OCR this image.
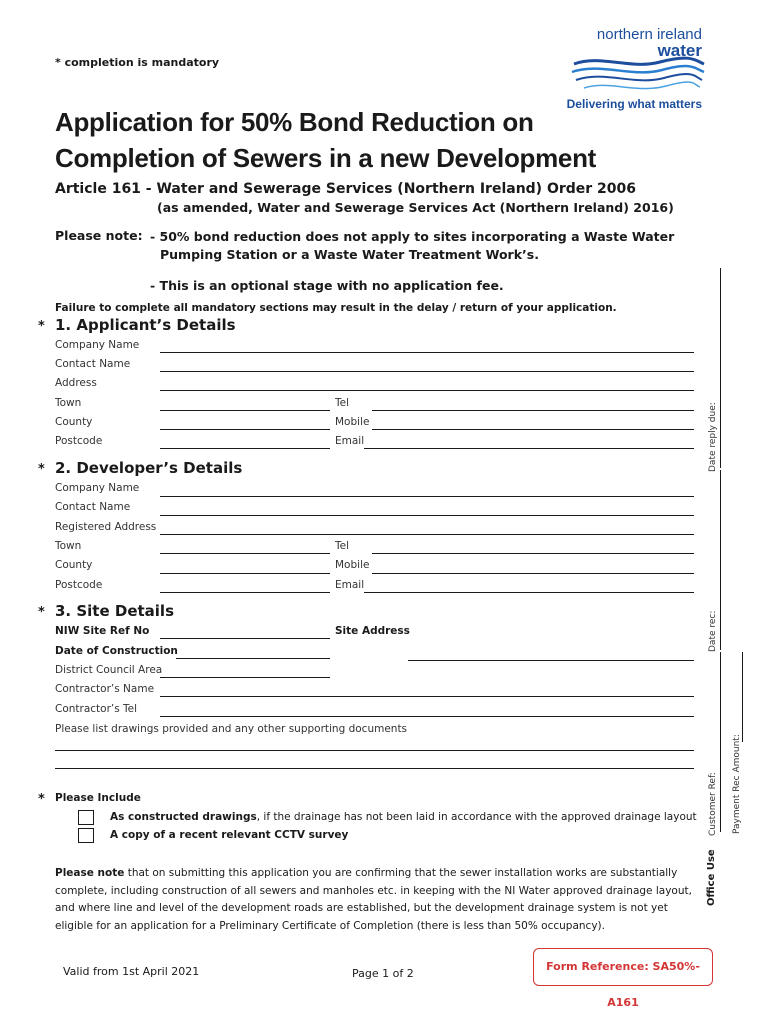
* completion is mandatory
northern ireland
water
Delivering what matters
Application for 50% Bond Reduction on
Completion of Sewers in a new Development
Article 161 - Water and Sewerage Services (Northern Ireland) Order 2006
(as amended, Water and Sewerage Services Act (Northern Ireland) 2016)
Please note: - 50% bond reduction does not apply to sites incorporating a Waste Water
Pumping Station or a Waste Water Treatment Work’s.
- This is an optional stage with no application fee.
Failure to complete all mandatory sections may result in the delay / return of your application.
* 1. Applicant’s Details
Company Name
Contact Name
Address
Town	Tel
County	Mobile
Postcode	Email
* 2. Developer’s Details
Company Name
Contact Name
Registered Address
Town	Tel
County	Mobile
Postcode	Email
* 3. Site Details
NIW Site Ref No	Site Address
Date of Construction
District Council Area
Contractor’s Name
Contractor’s Tel
Please list drawings provided and any other supporting documents
* Please Include
As constructed drawings, if the drainage has not been laid in accordance with the approved drainage layout
A copy of a recent relevant CCTV survey
Please note that on submitting this application you are confirming that the sewer installation works are substantially complete, including construction of all sewers and manholes etc. in keeping with the NI Water approved drainage layout, and where line and level of the development roads are established, but the development drainage system is not yet eligible for an application for a Preliminary Certificate of Completion (there is less than 50% occupancy).
Valid from 1st April 2021	Page 1 of 2
Form Reference: SA50%-A161
Date reply due:
Date rec:
Customer Ref: Payment Rec Amount:
Office Use
